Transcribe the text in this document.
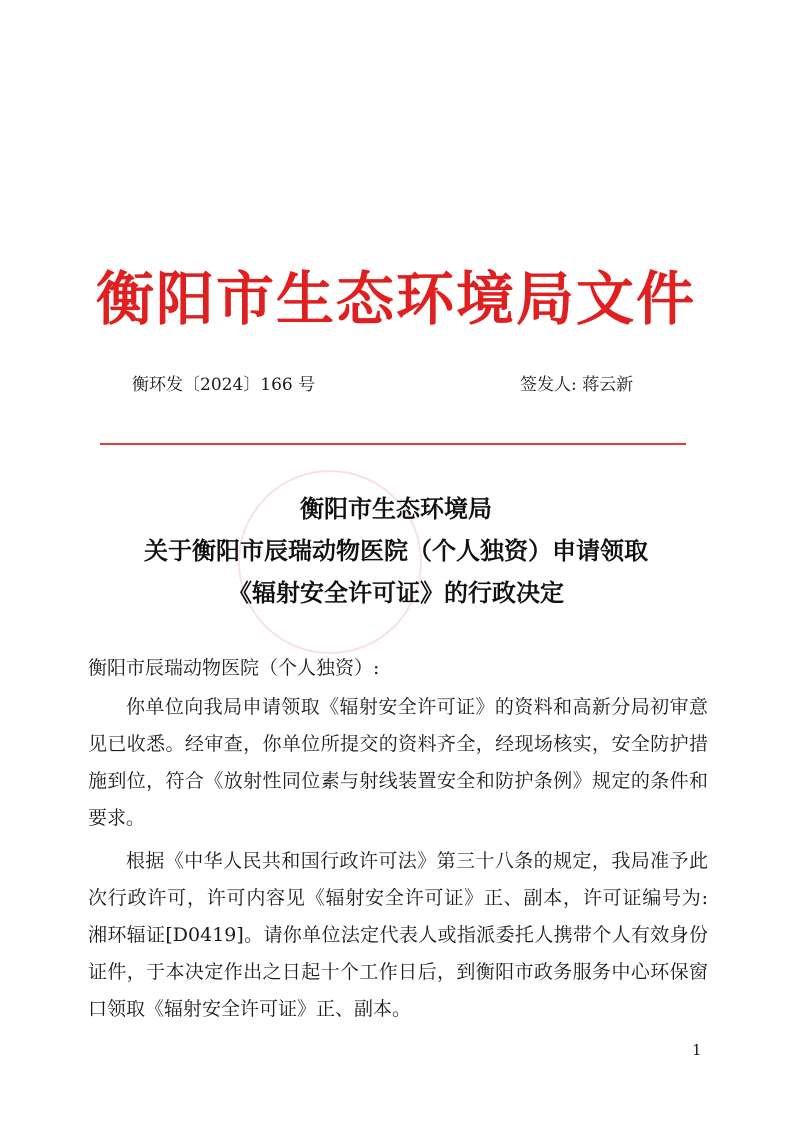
衡阳市生态环境局文件
衡环发〔2024〕166 号	签发人: 蒋云新
衡阳市生态环境局
关于衡阳市辰瑞动物医院（个人独资）申请领取
《辐射安全许可证》的行政决定
衡阳市辰瑞动物医院（个人独资）:

你单位向我局申请领取《辐射安全许可证》的资料和高新分局初审意见已收悉。经审查，你单位所提交的资料齐全，经现场核实，安全防护措施到位，符合《放射性同位素与射线装置安全和防护条例》规定的条件和要求。

根据《中华人民共和国行政许可法》第三十八条的规定，我局准予此次行政许可，许可内容见《辐射安全许可证》正、副本，许可证编号为: 湘环辐证[D0419]。请你单位法定代表人或指派委托人携带个人有效身份证件，于本决定作出之日起十个工作日后，到衡阳市政务服务中心环保窗口领取《辐射安全许可证》正、副本。

1
